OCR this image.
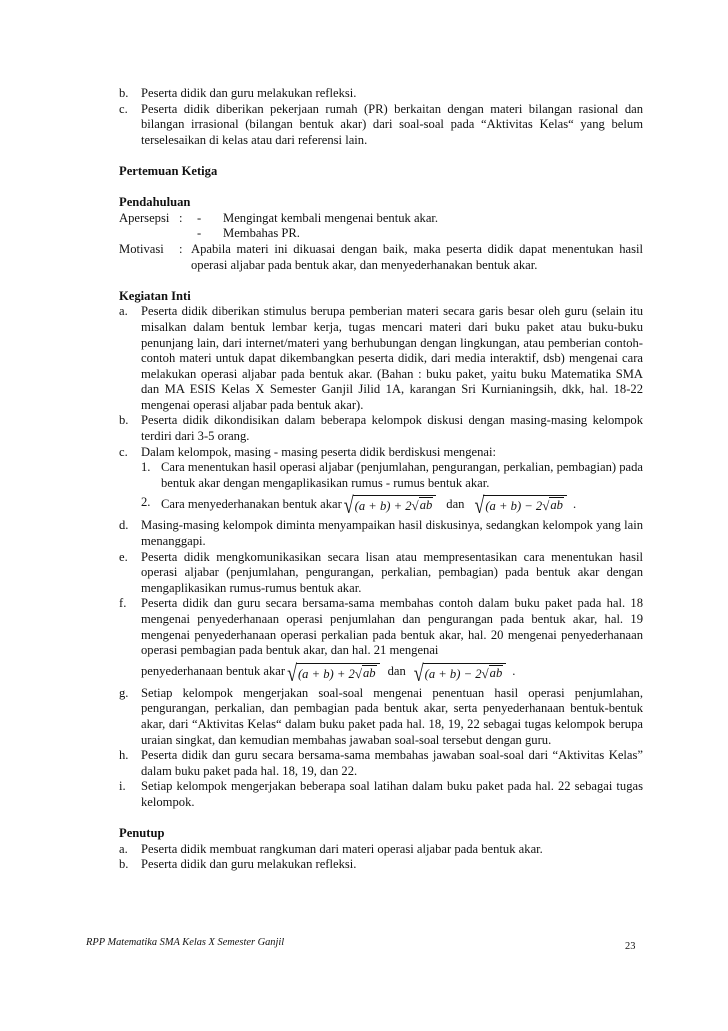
b. Peserta didik dan guru melakukan refleksi.
c.	Peserta didik diberikan pekerjaan rumah (PR) berkaitan dengan materi bilangan rasional dan bilangan irrasional (bilangan bentuk akar) dari soal-soal pada “Aktivitas Kelas“ yang belum terselesaikan di kelas atau dari referensi lain.
Pertemuan Ketiga
Pendahuluan
Apersepsi :	-	Mengingat kembali mengenai bentuk akar.
-	Membahas PR.
Motivasi	: Apabila materi ini dikuasai dengan baik, maka peserta didik dapat menentukan hasil operasi aljabar pada bentuk akar, dan menyederhanakan bentuk akar.
Kegiatan Inti
a.	Peserta didik diberikan stimulus berupa pemberian materi secara garis besar oleh guru (selain itu misalkan dalam bentuk lembar kerja, tugas mencari materi dari buku paket atau buku-buku penunjang lain, dari internet/materi yang berhubungan dengan lingkungan, atau pemberian contoh-contoh materi untuk dapat dikembangkan peserta didik, dari media interaktif, dsb) mengenai cara melakukan operasi aljabar pada bentuk akar. (Bahan : buku paket, yaitu buku Matematika SMA dan MA ESIS Kelas X Semester Ganjil Jilid 1A, karangan Sri Kurnianingsih, dkk, hal. 18-22 mengenai operasi aljabar pada bentuk akar).
b. Peserta didik dikondisikan dalam beberapa kelompok diskusi dengan masing-masing kelompok terdiri dari 3-5 orang.
c.	Dalam kelompok, masing - masing peserta didik berdiskusi mengenai:
1. Cara menentukan hasil operasi aljabar (penjumlahan, pengurangan, perkalian, pembagian) pada bentuk akar dengan mengaplikasikan rumus - rumus bentuk akar.
2. Cara menyederhanakan bentuk akar √ (a + b) + 2 √ ab dan √ (a + b) − 2 √ ab .
d. Masing-masing kelompok diminta menyampaikan hasil diskusinya, sedangkan kelompok yang lain menanggapi.
e.	Peserta didik mengkomunikasikan secara lisan atau mempresentasikan cara menentukan hasil operasi aljabar (penjumlahan, pengurangan, perkalian, pembagian) pada bentuk akar dengan mengaplikasikan rumus-rumus bentuk akar.
f.	Peserta didik dan guru secara bersama-sama membahas contoh dalam buku paket pada hal. 18 mengenai penyederhanaan operasi penjumlahan dan pengurangan pada bentuk akar, hal. 19 mengenai penyederhanaan operasi perkalian pada bentuk akar, hal. 20 mengenai penyederhanaan operasi pembagian pada bentuk akar, dan hal. 21 mengenai
penyederhanaan bentuk akar √ (a + b) + 2 √ ab dan √ (a + b) − 2 √ ab .
g. Setiap kelompok mengerjakan soal-soal mengenai penentuan hasil operasi penjumlahan, pengurangan, perkalian, dan pembagian pada bentuk akar, serta penyederhanaan bentuk-bentuk akar, dari “Aktivitas Kelas“ dalam buku paket pada hal. 18, 19, 22 sebagai tugas kelompok berupa uraian singkat, dan kemudian membahas jawaban soal-soal tersebut dengan guru.
h. Peserta didik dan guru secara bersama-sama membahas jawaban soal-soal dari “Aktivitas Kelas” dalam buku paket pada hal. 18, 19, dan 22.
i.	Setiap kelompok mengerjakan beberapa soal latihan dalam buku paket pada hal. 22 sebagai tugas kelompok.
Penutup
a.	Peserta didik membuat rangkuman dari materi operasi aljabar pada bentuk akar.
b. Peserta didik dan guru melakukan refleksi.
RPP Matematika SMA Kelas X Semester Ganjil	23
